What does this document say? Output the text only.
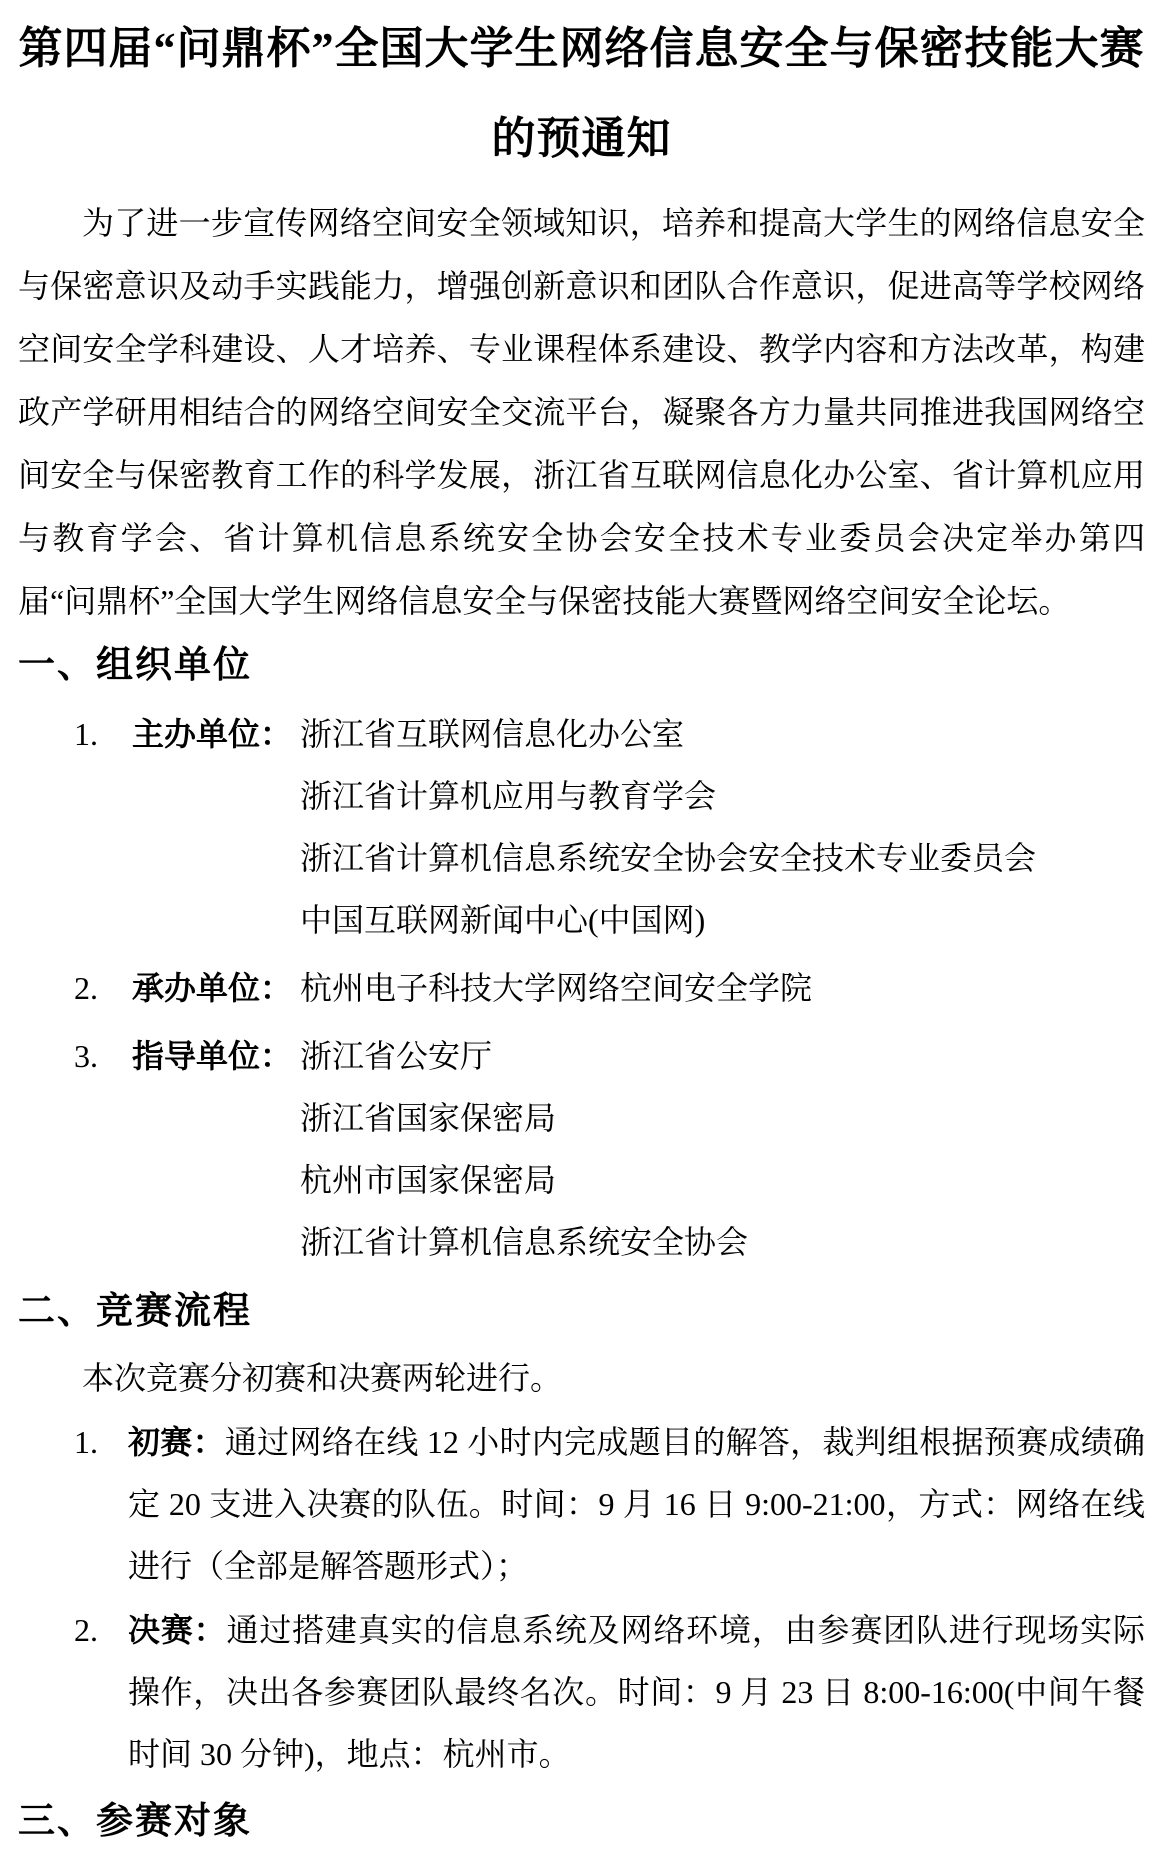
第四届“问鼎杯”全国大学生网络信息安全与保密技能大赛
的预通知

为了进一步宣传网络空间安全领域知识，培养和提高大学生的网络信息安全与保密意识及动手实践能力，增强创新意识和团队合作意识，促进高等学校网络空间安全学科建设、人才培养、专业课程体系建设、教学内容和方法改革，构建政产学研用相结合的网络空间安全交流平台，凝聚各方力量共同推进我国网络空间安全与保密教育工作的科学发展，浙江省互联网信息化办公室、省计算机应用与教育学会、省计算机信息系统安全协会安全技术专业委员会决定举办第四届“问鼎杯”全国大学生网络信息安全与保密技能大赛暨网络空间安全论坛。

一、组织单位
1. 主办单位： 浙江省互联网信息化办公室
浙江省计算机应用与教育学会
浙江省计算机信息系统安全协会安全技术专业委员会
中国互联网新闻中心(中国网)
2. 承办单位： 杭州电子科技大学网络空间安全学院
3. 指导单位： 浙江省公安厅
浙江省国家保密局
杭州市国家保密局
浙江省计算机信息系统安全协会
二、竞赛流程

本次竞赛分初赛和决赛两轮进行。

1. 初赛：通过网络在线 12 小时内完成题目的解答，裁判组根据预赛成绩确定 20 支进入决赛的队伍。时间：9 月 16 日 9:00-21:00，方式：网络在线进行（全部是解答题形式）；
2. 决赛：通过搭建真实的信息系统及网络环境，由参赛团队进行现场实际操作，决出各参赛团队最终名次。时间：9 月 23 日 8:00-16:00(中间午餐时间 30 分钟)，地点：杭州市。
三、参赛对象
